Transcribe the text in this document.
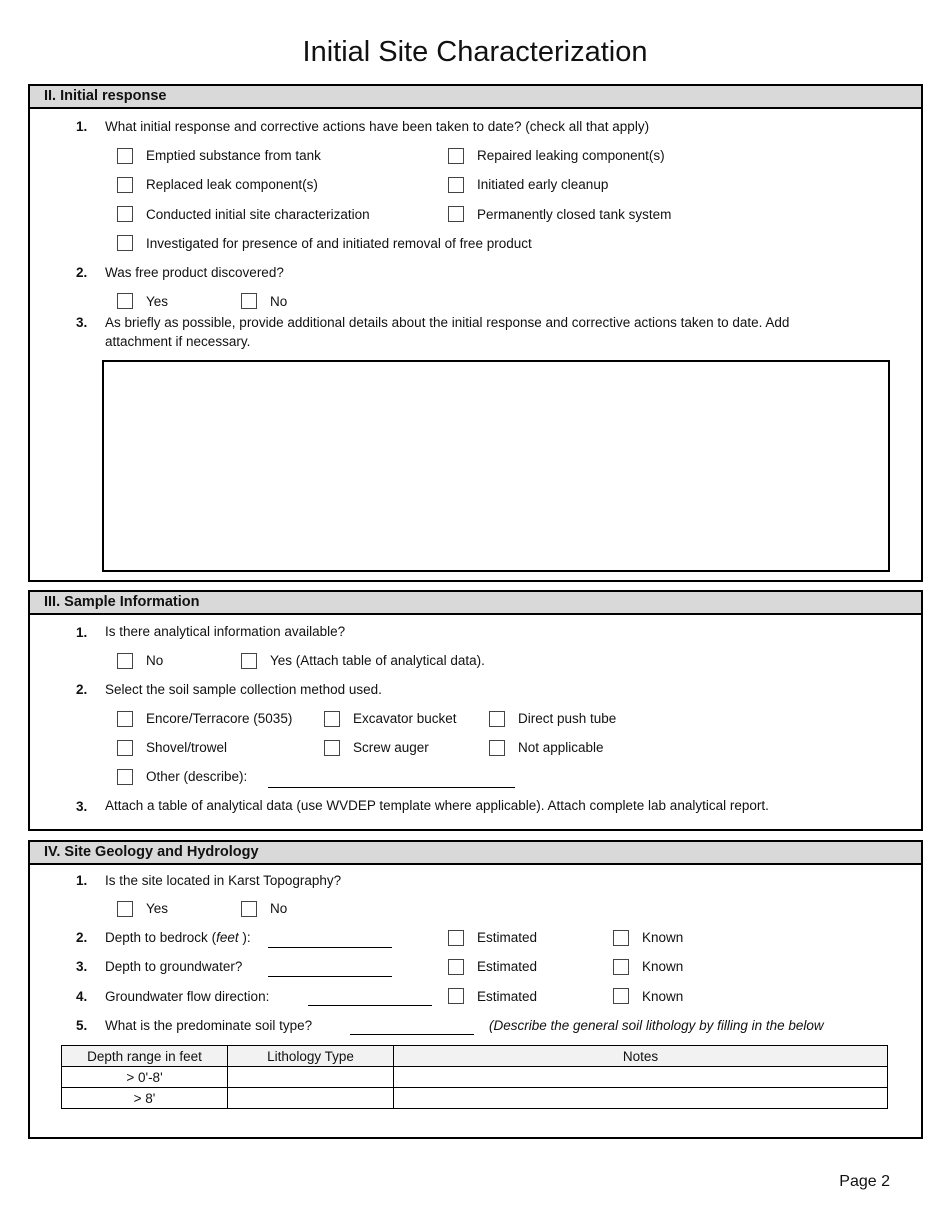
Initial Site Characterization
II. Initial response
1. What initial response and corrective actions have been taken to date? (check all that apply)
Emptied substance from tank	Repaired leaking component(s)
Replaced leak component(s)	Initiated early cleanup
Conducted initial site characterization	Permanently closed tank system
Investigated for presence of and initiated removal of free product
2. Was free product discovered?
Yes	No
3. As briefly as possible, provide additional details about the initial response and corrective actions taken to date. Add
attachment if necessary.
III. Sample Information
1. Is there analytical information available?
No	Yes (Attach table of analytical data).
2. Select the soil sample collection method used.
Encore/Terracore (5035)	Excavator bucket	Direct push tube
Shovel/trowel	Screw auger	Not applicable
Other (describe):
3. Attach a table of analytical data (use WVDEP template where applicable). Attach complete lab analytical report.
IV. Site Geology and Hydrology
1. Is the site located in Karst Topography?
Yes	No
2. Depth to bedrock (feet ):	Estimated	Known
3. Depth to groundwater?	Estimated	Known
4. Groundwater flow direction:	Estimated	Known
5. What is the predominate soil type?	(Describe the general soil lithology by filling in the below
Depth range in feet	Lithology Type	Notes
> 0'-8'		
> 8'		
Page 2
